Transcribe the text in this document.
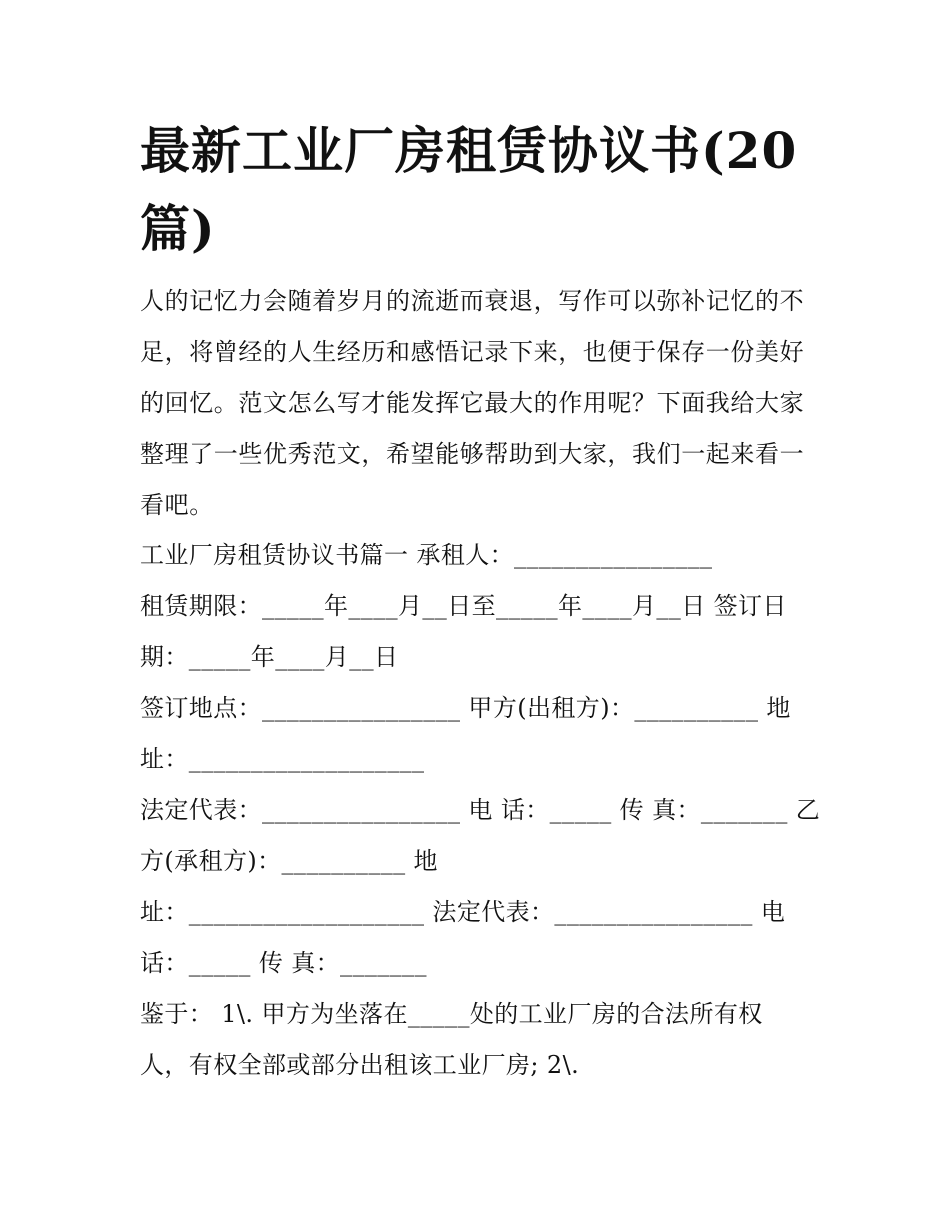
最新工业厂房租赁协议书(20篇)

人的记忆力会随着岁月的流逝而衰退，写作可以弥补记忆的不足，将曾经的人生经历和感悟记录下来，也便于保存一份美好的回忆。范文怎么写才能发挥它最大的作用呢？下面我给大家整理了一些优秀范文，希望能够帮助到大家，我们一起来看一看吧。

工业厂房租赁协议书篇一 承租人：________________
租赁期限：_____年____月__日至_____年____月__日 签订日
期：_____年____月__日
签订地点：________________ 甲方(出租方)：__________ 地
址：___________________
法定代表：________________ 电 话：_____ 传 真：_______ 乙
方(承租方)：__________ 地
址：___________________ 法定代表：________________ 电
话：_____ 传 真：_______
鉴于： 1\. 甲方为坐落在_____处的工业厂房的合法所有权
人，有权全部或部分出租该工业厂房; 2\.
